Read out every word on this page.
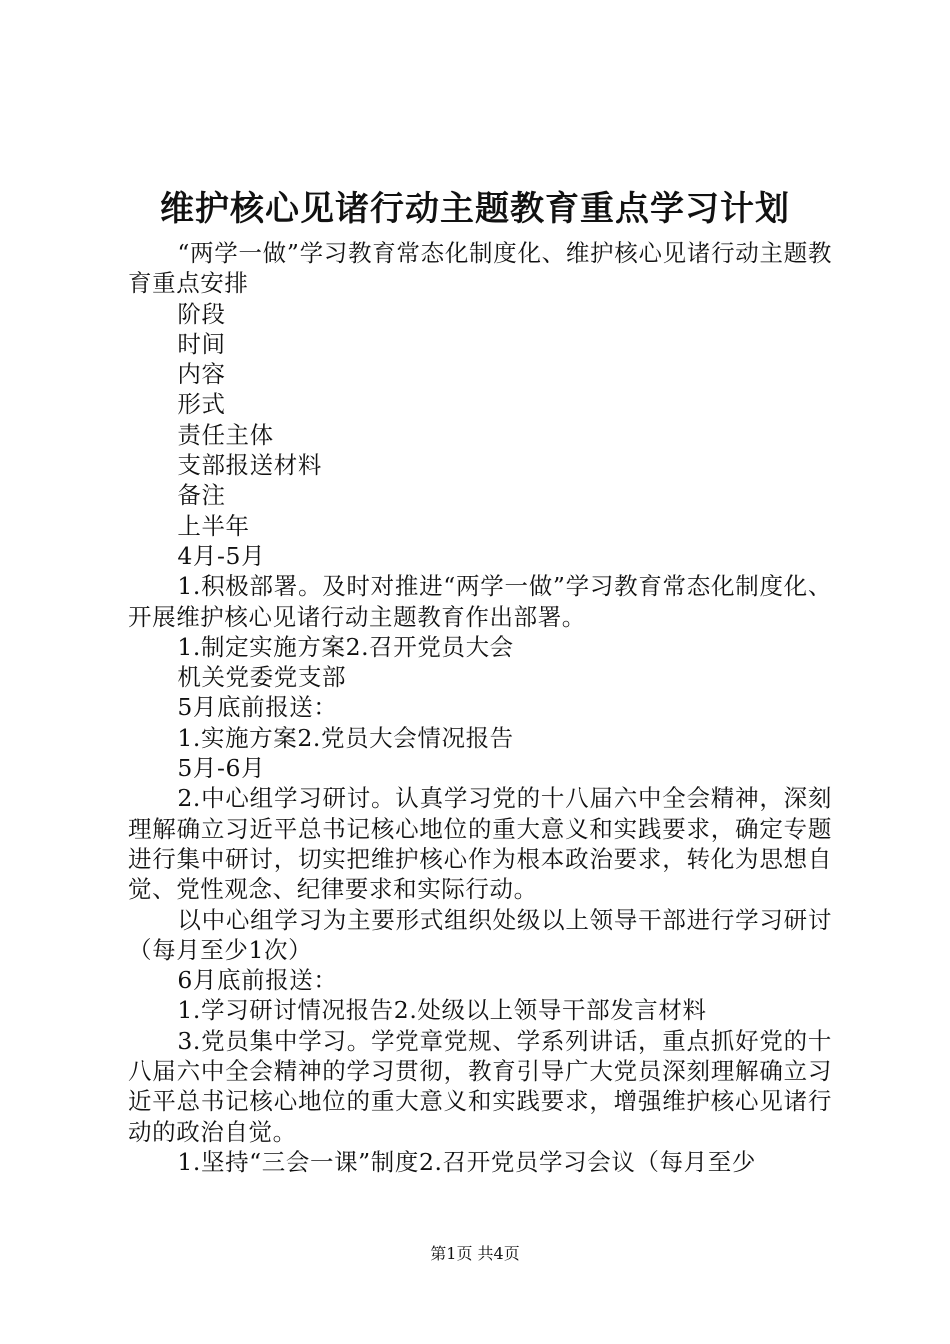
维护核心见诸行动主题教育重点学习计划

“两学一做”学习教育常态化制度化、维护核心见诸行动主题教育重点安排

阶段

时间

内容

形式

责任主体

支部报送材料

备注

上半年

4月-5月

1.积极部署。及时对推进“两学一做”学习教育常态化制度化、开展维护核心见诸行动主题教育作出部署。

1.制定实施方案2.召开党员大会

机关党委党支部

5月底前报送：

1.实施方案2.党员大会情况报告

5月-6月

2.中心组学习研讨。认真学习党的十八届六中全会精神，深刻理解确立习近平总书记核心地位的重大意义和实践要求，确定专题进行集中研讨，切实把维护核心作为根本政治要求，转化为思想自觉、党性观念、纪律要求和实际行动。

以中心组学习为主要形式组织处级以上领导干部进行学习研讨（每月至少1次）

6月底前报送：

1.学习研讨情况报告2.处级以上领导干部发言材料

3.党员集中学习。学党章党规、学系列讲话，重点抓好党的十八届六中全会精神的学习贯彻，教育引导广大党员深刻理解确立习近平总书记核心地位的重大意义和实践要求，增强维护核心见诸行动的政治自觉。

1.坚持“三会一课”制度2.召开党员学习会议（每月至少

第1页 共4页
